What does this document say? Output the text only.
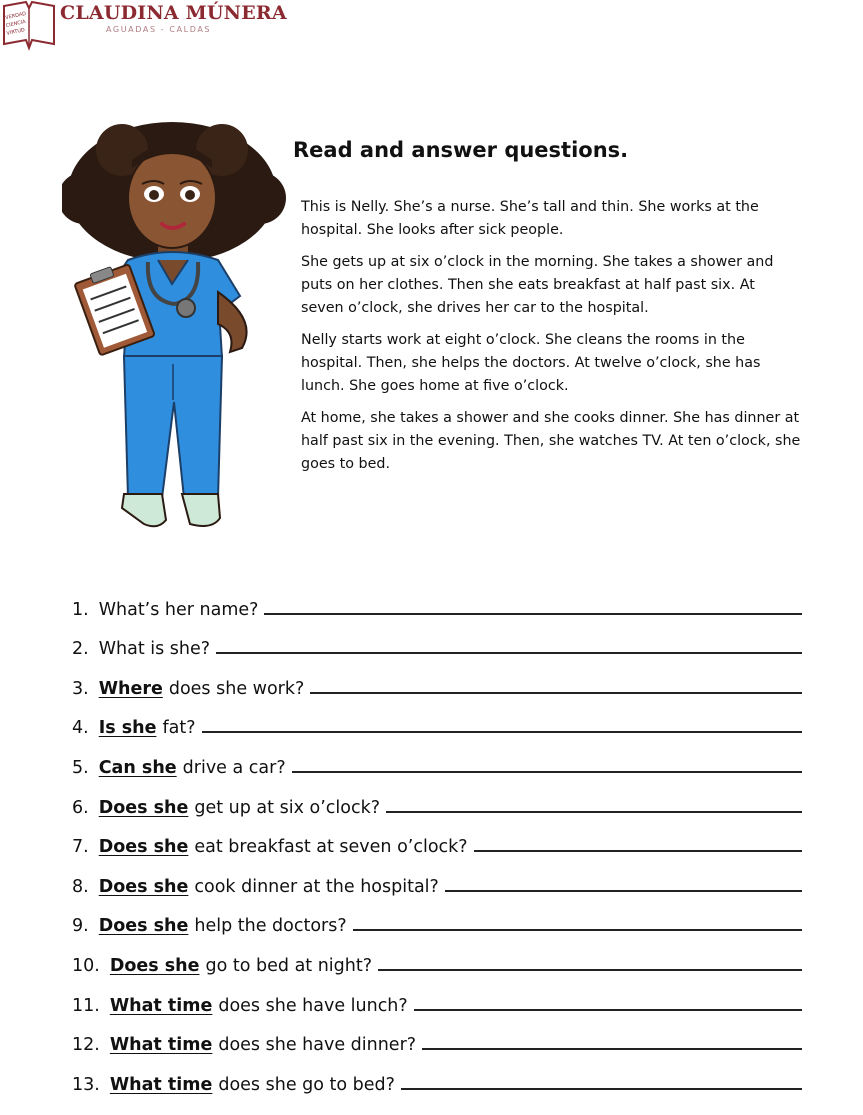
VERDAD
CIENCIA
VIRTUD
CLAUDINA MÚNERA
AGUADAS - CALDAS
Read and answer questions.

This is Nelly. She’s a nurse. She’s tall and thin. She works at the hospital. She looks after sick people.

She gets up at six o’clock in the morning. She takes a shower and puts on her clothes. Then she eats breakfast at half past six. At seven o’clock, she drives her car to the hospital.

Nelly starts work at eight o’clock. She cleans the rooms in the hospital. Then, she helps the doctors. At twelve o’clock, she has lunch. She goes home at five o’clock.

At home, she takes a shower and she cooks dinner. She has dinner at half past six in the evening. Then, she watches TV. At ten o’clock, she goes to bed.

1. What’s her name?
2. What is she?
3. Where does she work?
4. Is she fat?
5. Can she drive a car?
6. Does she get up at six o’clock?
7. Does she eat breakfast at seven o’clock?
8. Does she cook dinner at the hospital?
9. Does she help the doctors?
10. Does she go to bed at night?
11. What time does she have lunch?
12. What time does she have dinner?
13. What time does she go to bed?
